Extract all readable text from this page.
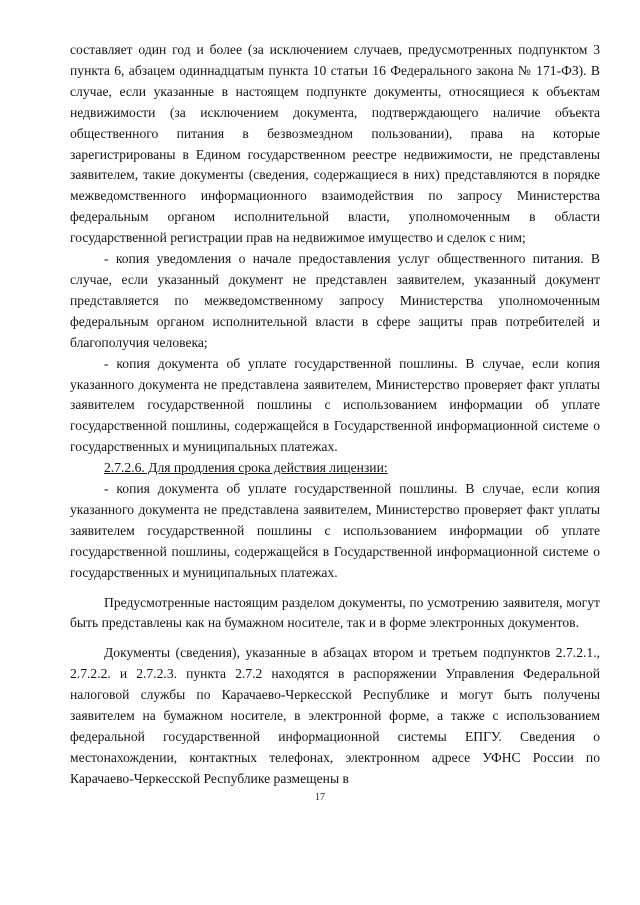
составляет один год и более (за исключением случаев, предусмотренных подпунктом 3 пункта 6, абзацем одиннадцатым пункта 10 статьи 16 Федерального закона № 171-ФЗ). В случае, если указанные в настоящем подпункте документы, относящиеся к объектам недвижимости (за исключением документа, подтверждающего наличие объекта общественного питания в безвозмездном пользовании), права на которые зарегистрированы в Едином государственном реестре недвижимости, не представлены заявителем, такие документы (сведения, содержащиеся в них) представляются в порядке межведомственного информационного взаимодействия по запросу Министерства федеральным органом исполнительной власти, уполномоченным в области государственной регистрации прав на недвижимое имущество и сделок с ним;

- копия уведомления о начале предоставления услуг общественного питания. В случае, если указанный документ не представлен заявителем, указанный документ представляется по межведомственному запросу Министерства уполномоченным федеральным органом исполнительной власти в сфере защиты прав потребителей и благополучия человека;

- копия документа об уплате государственной пошлины. В случае, если копия указанного документа не представлена заявителем, Министерство проверяет факт уплаты заявителем государственной пошлины с использованием информации об уплате государственной пошлины, содержащейся в Государственной информационной системе о государственных и муниципальных платежах.

2.7.2.6. Для продления срока действия лицензии:

- копия документа об уплате государственной пошлины. В случае, если копия указанного документа не представлена заявителем, Министерство проверяет факт уплаты заявителем государственной пошлины с использованием информации об уплате государственной пошлины, содержащейся в Государственной информационной системе о государственных и муниципальных платежах.

Предусмотренные настоящим разделом документы, по усмотрению заявителя, могут быть представлены как на бумажном носителе, так и в форме электронных документов.

Документы (сведения), указанные в абзацах втором и третьем подпунктов 2.7.2.1., 2.7.2.2. и 2.7.2.3. пункта 2.7.2 находятся в распоряжении Управления Федеральной налоговой службы по Карачаево-Черкесской Республике и могут быть получены заявителем на бумажном носителе, в электронной форме, а также с использованием федеральной государственной информационной системы ЕПГУ. Сведения о местонахождении, контактных телефонах, электронном адресе УФНС России по Карачаево-Черкесской Республике размещены в

17
